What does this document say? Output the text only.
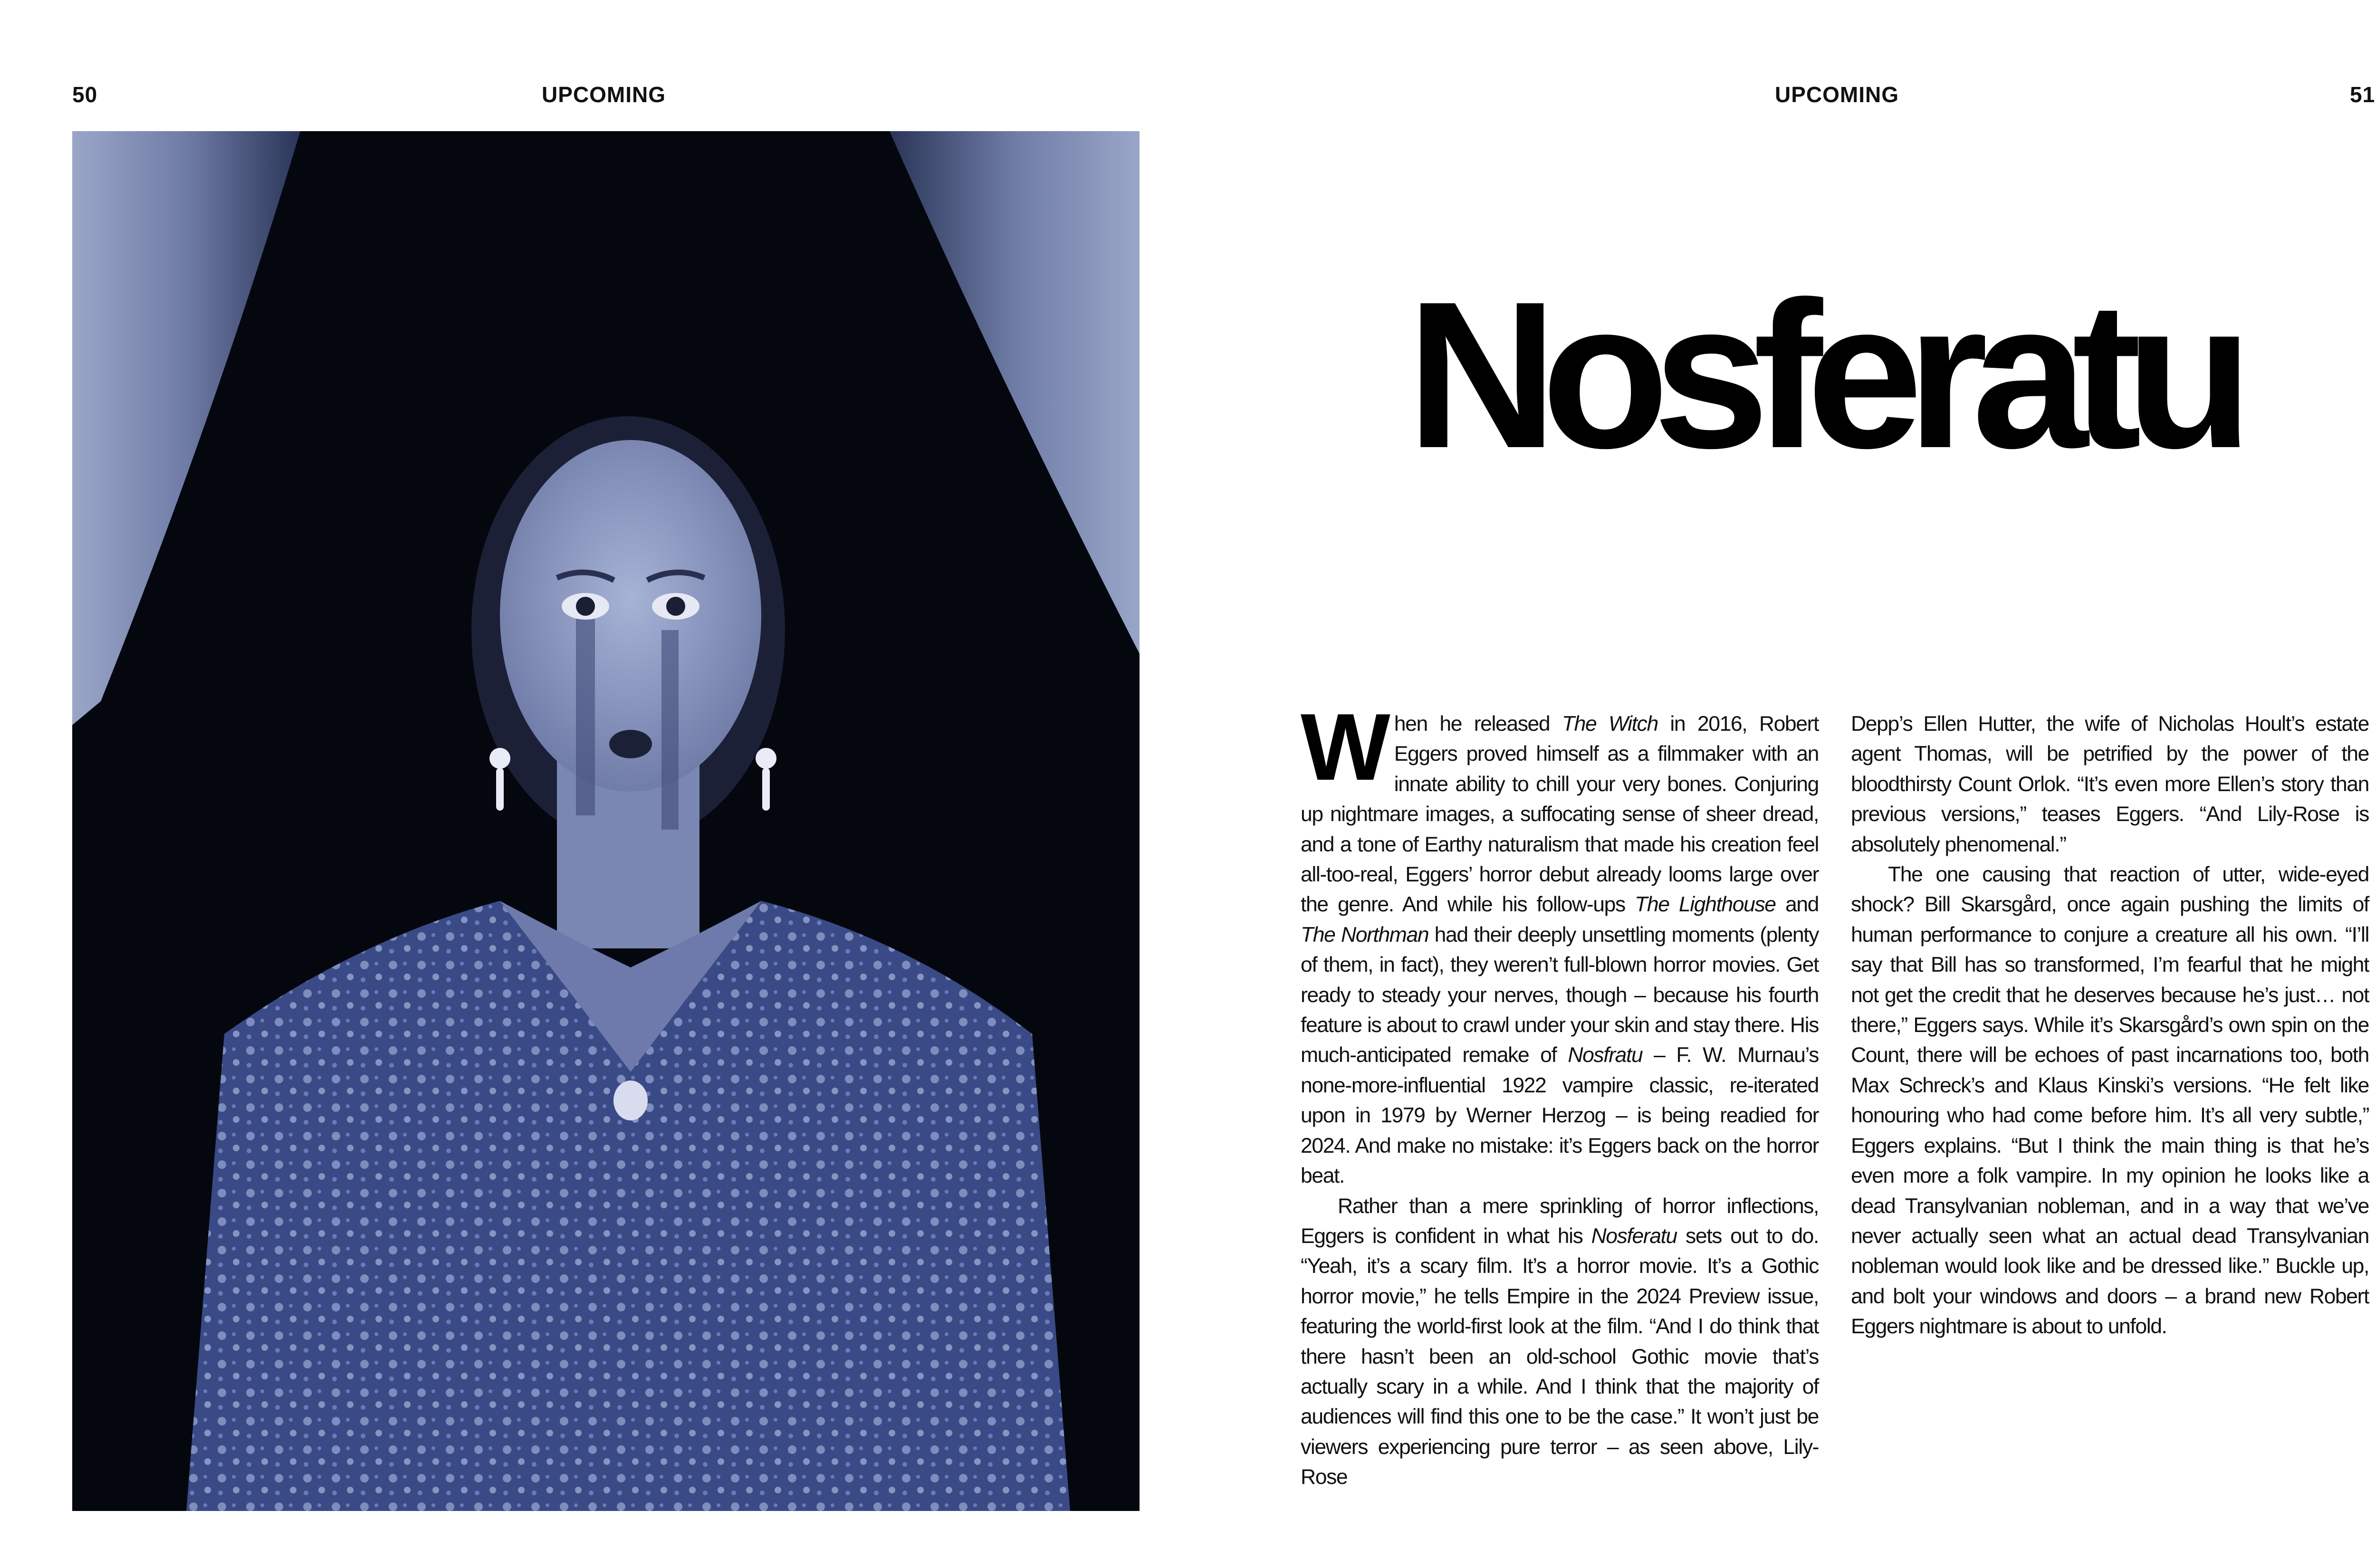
50	UPCOMING	UPCOMING	51
Nosferatu

When he released The Witch in 2016, Robert Eggers proved himself as a filmmaker with an innate ability to chill your very bones. Conjuring up nightmare images, a suffocating sense of sheer dread, and a tone of Earthy naturalism that made his creation feel all-too-real, Eggers’ horror debut already looms large over the genre. And while his follow-ups The Lighthouse and The Northman had their deeply unsettling moments (plenty of them, in fact), they weren’t full-blown horror movies. Get ready to steady your nerves, though – because his fourth feature is about to crawl under your skin and stay there. His much-anticipated remake of Nosfratu – F. W. Murnau’s none-more-influential 1922 vampire classic, re-iterated upon in 1979 by Werner Herzog – is being readied for 2024. And make no mistake: it’s Eggers back on the horror beat.

Rather than a mere sprinkling of horror inflections, Eggers is confident in what his Nosferatu sets out to do. “Yeah, it’s a scary film. It’s a horror movie. It’s a Gothic horror movie,” he tells Empire in the 2024 Preview issue, featuring the world-first look at the film. “And I do think that there hasn’t been an old-school Gothic movie that’s actually scary in a while. And I think that the majority of audiences will find this one to be the case.” It won’t just be viewers experiencing pure terror – as seen above, Lily-Rose

Depp’s Ellen Hutter, the wife of Nicholas Hoult’s estate agent Thomas, will be petrified by the power of the bloodthirsty Count Orlok. “It’s even more Ellen’s story than previous versions,” teases Eggers. “And Lily-Rose is absolutely phenomenal.”

The one causing that reaction of utter, wide-eyed shock? Bill Skarsgård, once again pushing the limits of human performance to conjure a creature all his own. “I’ll say that Bill has so transformed, I’m fearful that he might not get the credit that he deserves because he’s just… not there,” Eggers says. While it’s Skarsgård’s own spin on the Count, there will be echoes of past incarnations too, both Max Schreck’s and Klaus Kinski’s versions. “He felt like honouring who had come before him. It’s all very subtle,” Eggers explains. “But I think the main thing is that he’s even more a folk vampire. In my opinion he looks like a dead Transylvanian nobleman, and in a way that we’ve never actually seen what an actual dead Transylvanian nobleman would look like and be dressed like.” Buckle up, and bolt your windows and doors – a brand new Robert Eggers nightmare is about to unfold.
